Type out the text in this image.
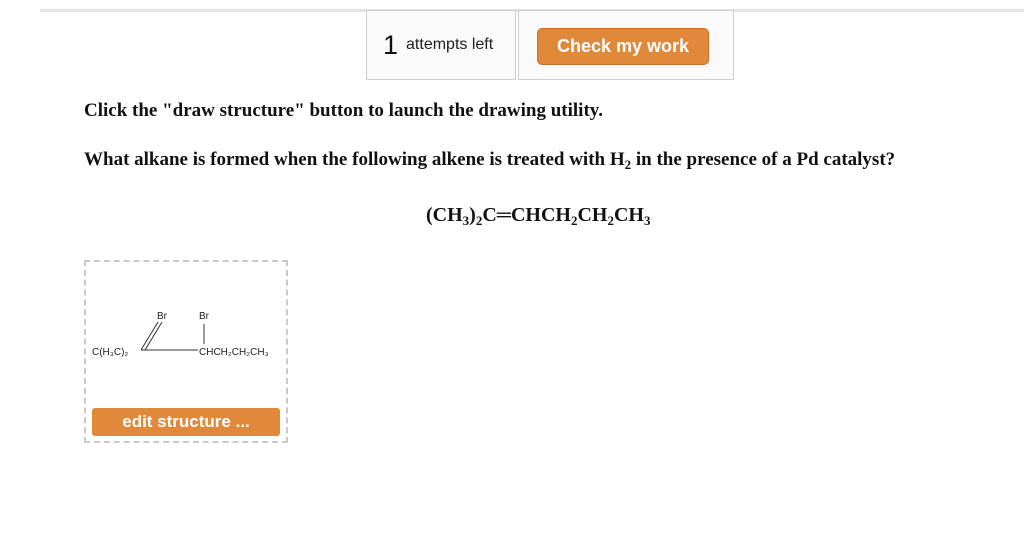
1 attempts left	Check my work
Click the "draw structure" button to launch the drawing utility.
What alkane is formed when the following alkene is treated with $H_2$ in the presence of a Pd catalyst?
$(CH_3)_2C═CHCH_2CH_2CH_3$
C(H₃C)₂	CHCH₂CH₂CH₃
Br	Br
edit structure ...
